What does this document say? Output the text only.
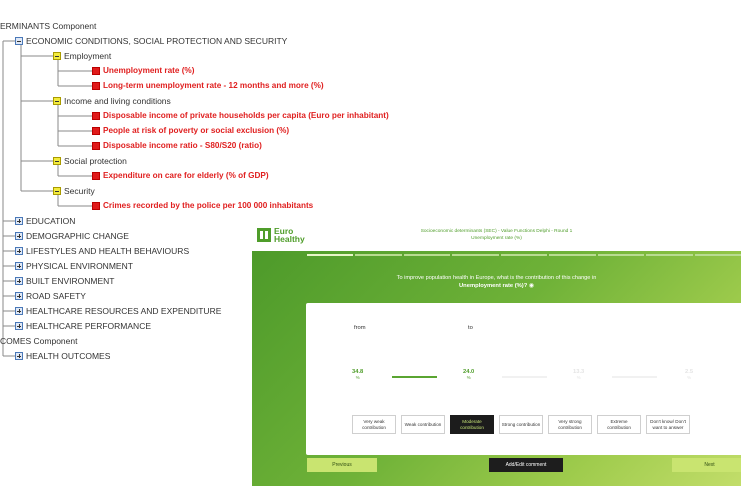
ERMINANTS Component
ECONOMIC CONDITIONS, SOCIAL PROTECTION AND SECURITY
Employment
Unemployment rate (%)
Long-term unemployment rate - 12 months and more (%)
Income and living conditions
Disposable income of private households per capita (Euro per inhabitant)
People at risk of poverty or social exclusion (%)
Disposable income ratio - S80/S20 (ratio)
Social protection
Expenditure on care for elderly (% of GDP)
Security
Crimes recorded by the police per 100 000 inhabitants
EDUCATION
DEMOGRAPHIC CHANGE
LIFESTYLES AND HEALTH BEHAVIOURS
PHYSICAL ENVIRONMENT
BUILT ENVIRONMENT
ROAD SAFETY
HEALTHCARE RESOURCES AND EXPENDITURE
HEALTHCARE PERFORMANCE
COMES Component
HEALTH OUTCOMES
Euro
Healthy
Socioeconomic determinants (SEC) - Value Functions Delphi - Round 1
Unemployment rate (%)
To improve population health in Europe, what is the contribution of this change in
Unemployment rate (%)? ◉
from	to
34.8
%
24.0
%
13.3
%
2.5
%
Very weak contribution
Weak contribution
Moderate contribution
Strong contribution
Very strong contribution
Extreme contribution
Don't know/ Don't want to answer
Previous	Add/Edit comment	Next
